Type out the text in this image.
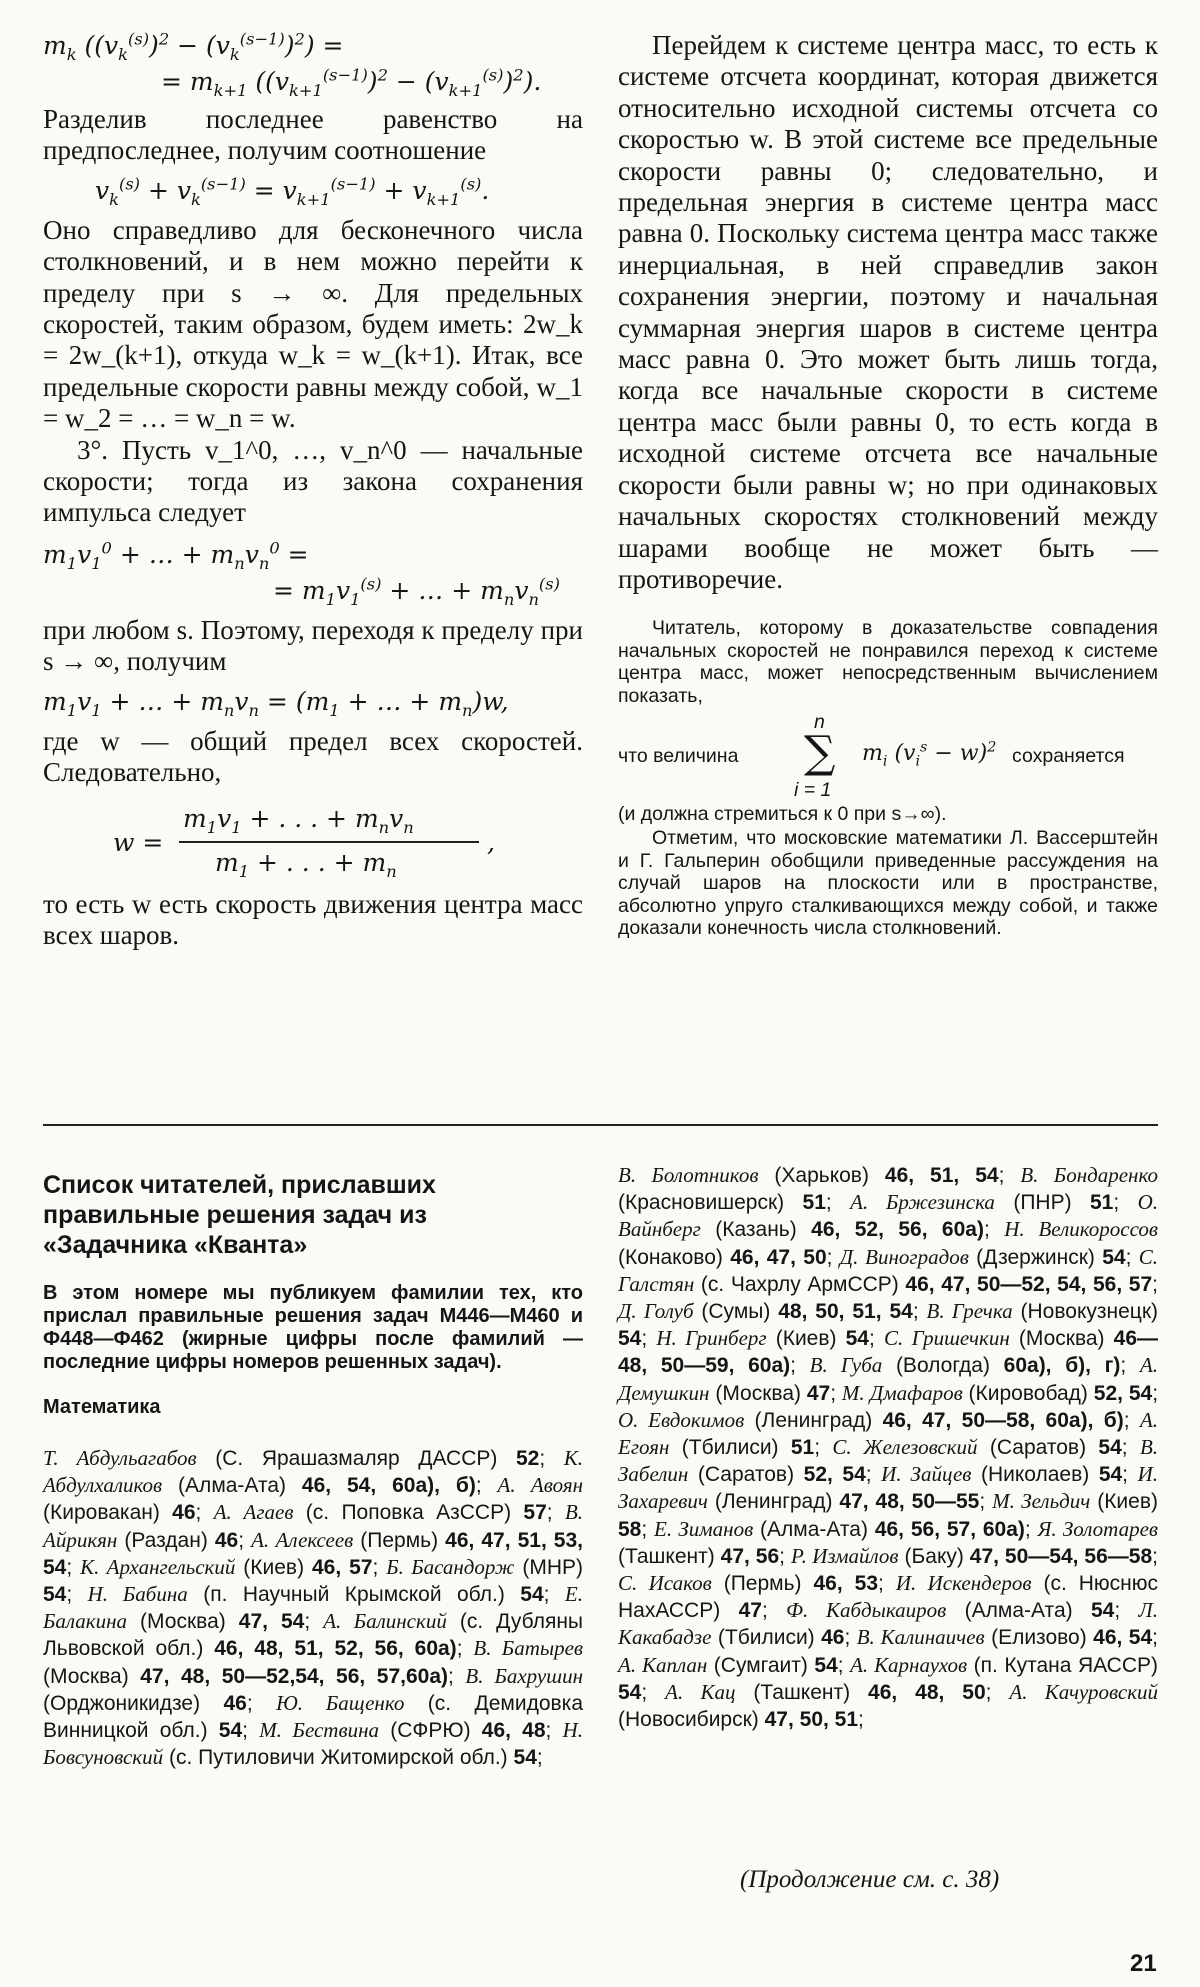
$m_k$ $((v_k^{(s)})^2 - (v_k^{(s-1)})^2)$ =
= $m_{k+1}$ $((v_{k+1}^{(s-1)})^2 - (v_{k+1}^{(s)})^2)$.

Разделив последнее равенство на предпоследнее, получим соотношение

$v_k^{(s)} + v_k^{(s-1)} = v_{k+1}^{(s-1)} + v_{k+1}^{(s)}$.

Оно справедливо для бесконечного числа столкновений, и в нем можно перейти к пределу при s → ∞. Для предельных скоростей, таким образом, будем иметь: 2w_k = 2w_(k+1), откуда w_k = w_(k+1). Итак, все предельные скорости равны между собой, w_1 = w_2 = … = w_n = w.

3°. Пусть v_1^0, …, v_n^0 — начальные скорости; тогда из закона сохранения импульса следует

$m_1v_1^0$ + … + $m_nv_n^0$ =
= $m_1v_1^{(s)}$ + … + $m_nv_n^{(s)}$

при любом s. Поэтому, переходя к пределу при s → ∞, получим

$m_1v_1$ + … + $m_nv_n = (m_1$ + … + $m_n)w$,

где w — общий предел всех скоростей. Следовательно,

w =
$m_1v_1$ + . . . + $m_nv_n$
$m_1$ + . . . + $m_n$
,

то есть w есть скорость движения центра масс всех шаров.

Перейдем к системе центра масс, то есть к системе отсчета координат, которая движется относительно исходной системы отсчета со скоростью w. В этой системе все предельные скорости равны 0; следовательно, и предельная энергия в системе центра масс равна 0. Поскольку система центра масс также инерциальная, в ней справедлив закон сохранения энергии, поэтому и начальная суммарная энергия шаров в системе центра масс равна 0. Это может быть лишь тогда, когда все начальные скорости в системе центра масс были равны 0, то есть когда в исходной системе отсчета все начальные скорости были равны w; но при одинаковых начальных скоростях столкновений между шарами вообще не может быть — противоречие.

Читатель, которому в доказательстве совпадения начальных скоростей не понравился переход к системе центра масс, может непосредственным вычислением показать,

что величина
n
∑
i = 1
$m_i$ $(v_i^s - w)^2$ сохраняется

(и должна стремиться к 0 при s→∞).

Отметим, что московские математики Л. Вассерштейн и Г. Гальперин обобщили приведенные рассуждения на случай шаров на плоскости или в пространстве, абсолютно упруго сталкивающихся между собой, и также доказали конечность числа столкновений.

Список читателей, приславших правильные решения задач из «Задачника «Кванта»

В этом номере мы публикуем фамилии тех, кто прислал правильные решения задач М446—М460 и Ф448—Ф462 (жирные цифры после фамилий — последние цифры номеров решенных задач).

Математика

Т. Абдульагабов (С. Ярашазмаляр ДАССР) 52; К. Абдулхаликов (Алма-Ата) 46, 54, 60а), б); А. Авоян (Кировакан) 46; А. Агаев (с. Поповка АзССР) 57; В. Айрикян (Раздан) 46; А. Алексеев (Пермь) 46, 47, 51, 53, 54; К. Архангельский (Киев) 46, 57; Б. Басандорж (МНР) 54; Н. Бабина (п. Научный Крымской обл.) 54; Е. Балакина (Москва) 47, 54; А. Балинский (с. Дубляны Львовской обл.) 46, 48, 51, 52, 56, 60а); В. Батырев (Москва) 47, 48, 50—52,54, 56, 57,60а); В. Бахрушин (Орджоникидзе) 46; Ю. Бащенко (с. Демидовка Винницкой обл.) 54; М. Бествина (СФРЮ) 46, 48; Н. Бовсуновский (с. Путиловичи Житомирской обл.) 54;

В. Болотников (Харьков) 46, 51, 54; В. Бондаренко (Красновишерск) 51; А. Бржезинска (ПНР) 51; О. Вайнберг (Казань) 46, 52, 56, 60а); Н. Великороссов (Конаково) 46, 47, 50; Д. Виноградов (Дзержинск) 54; С. Галстян (с. Чахрлу АрмССР) 46, 47, 50—52, 54, 56, 57; Д. Голуб (Сумы) 48, 50, 51, 54; В. Гречка (Новокузнецк) 54; Н. Гринберг (Киев) 54; С. Гришечкин (Москва) 46—48, 50—59, 60а); В. Губа (Вологда) 60а), б), г); А. Демушкин (Москва) 47; М. Дмафаров (Кировобад) 52, 54; О. Евдокимов (Ленинград) 46, 47, 50—58, 60а), б); А. Егоян (Тбилиси) 51; С. Железовский (Саратов) 54; В. Забелин (Саратов) 52, 54; И. Зайцев (Николаев) 54; И. Захаревич (Ленинград) 47, 48, 50—55; М. Зельдич (Киев) 58; Е. Зиманов (Алма-Ата) 46, 56, 57, 60а); Я. Золотарев (Ташкент) 47, 56; Р. Измайлов (Баку) 47, 50—54, 56—58; С. Исаков (Пермь) 46, 53; И. Искендеров (с. Нюснюс НахАССР) 47; Ф. Кабдыкаиров (Алма-Ата) 54; Л. Какабадзе (Тбилиси) 46; В. Калинаичев (Елизово) 46, 54; А. Каплан (Сумгаит) 54; А. Карнаухов (п. Кутана ЯАССР) 54; А. Кац (Ташкент) 46, 48, 50; А. Качуровский (Новосибирск) 47, 50, 51;

(Продолжение см. с. 38)
21
